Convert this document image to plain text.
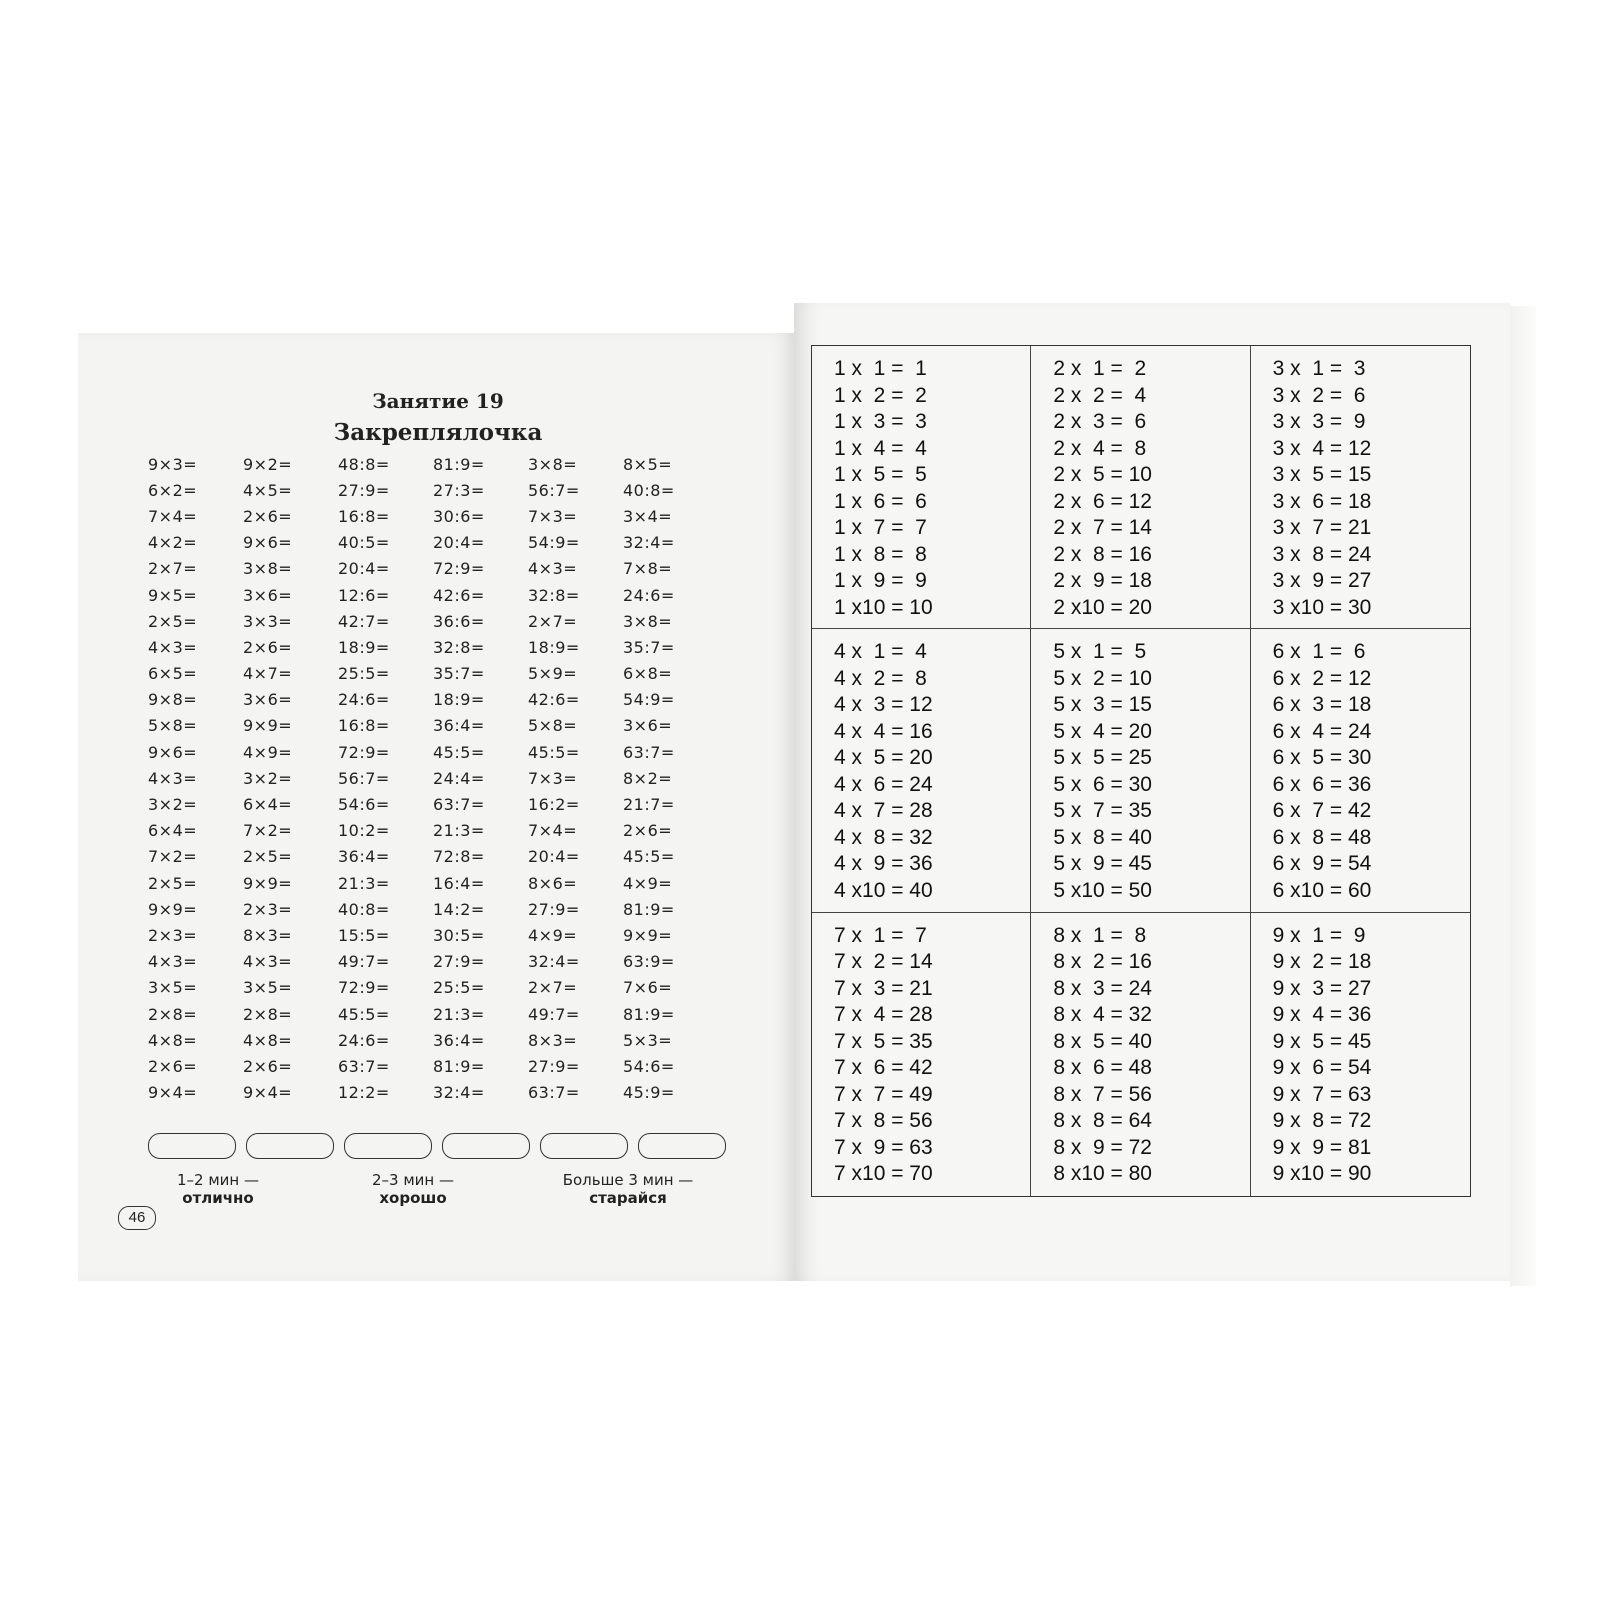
Занятие 19
Закреплялочка
9×3=	9×2=	48:8=	81:9=	3×8=	8×5=
6×2=	4×5=	27:9=	27:3=	56:7=	40:8=
7×4=	2×6=	16:8=	30:6=	7×3=	3×4=
4×2=	9×6=	40:5=	20:4=	54:9=	32:4=
2×7=	3×8=	20:4=	72:9=	4×3=	7×8=
9×5=	3×6=	12:6=	42:6=	32:8=	24:6=
2×5=	3×3=	42:7=	36:6=	2×7=	3×8=
4×3=	2×6=	18:9=	32:8=	18:9=	35:7=
6×5=	4×7=	25:5=	35:7=	5×9=	6×8=
9×8=	3×6=	24:6=	18:9=	42:6=	54:9=
5×8=	9×9=	16:8=	36:4=	5×8=	3×6=
9×6=	4×9=	72:9=	45:5=	45:5=	63:7=
4×3=	3×2=	56:7=	24:4=	7×3=	8×2=
3×2=	6×4=	54:6=	63:7=	16:2=	21:7=
6×4=	7×2=	10:2=	21:3=	7×4=	2×6=
7×2=	2×5=	36:4=	72:8=	20:4=	45:5=
2×5=	9×9=	21:3=	16:4=	8×6=	4×9=
9×9=	2×3=	40:8=	14:2=	27:9=	81:9=
2×3=	8×3=	15:5=	30:5=	4×9=	9×9=
4×3=	4×3=	49:7=	27:9=	32:4=	63:9=
3×5=	3×5=	72:9=	25:5=	2×7=	7×6=
2×8=	2×8=	45:5=	21:3=	49:7=	81:9=
4×8=	4×8=	24:6=	36:4=	8×3=	5×3=
2×6=	2×6=	63:7=	81:9=	27:9=	54:6=
9×4=	9×4=	12:2=	32:4=	63:7=	45:9=
1–2 мин —
отлично
2–3 мин —
хорошо
Больше 3 мин —
старайся
46
1 x  1 =  1
1 x  2 =  2
1 x  3 =  3
1 x  4 =  4
1 x  5 =  5
1 x  6 =  6
1 x  7 =  7
1 x  8 =  8
1 x  9 =  9
1 x10 = 10
2 x  1 =  2
2 x  2 =  4
2 x  3 =  6
2 x  4 =  8
2 x  5 = 10
2 x  6 = 12
2 x  7 = 14
2 x  8 = 16
2 x  9 = 18
2 x10 = 20
3 x  1 =  3
3 x  2 =  6
3 x  3 =  9
3 x  4 = 12
3 x  5 = 15
3 x  6 = 18
3 x  7 = 21
3 x  8 = 24
3 x  9 = 27
3 x10 = 30
4 x  1 =  4
4 x  2 =  8
4 x  3 = 12
4 x  4 = 16
4 x  5 = 20
4 x  6 = 24
4 x  7 = 28
4 x  8 = 32
4 x  9 = 36
4 x10 = 40
5 x  1 =  5
5 x  2 = 10
5 x  3 = 15
5 x  4 = 20
5 x  5 = 25
5 x  6 = 30
5 x  7 = 35
5 x  8 = 40
5 x  9 = 45
5 x10 = 50
6 x  1 =  6
6 x  2 = 12
6 x  3 = 18
6 x  4 = 24
6 x  5 = 30
6 x  6 = 36
6 x  7 = 42
6 x  8 = 48
6 x  9 = 54
6 x10 = 60
7 x  1 =  7
7 x  2 = 14
7 x  3 = 21
7 x  4 = 28
7 x  5 = 35
7 x  6 = 42
7 x  7 = 49
7 x  8 = 56
7 x  9 = 63
7 x10 = 70
8 x  1 =  8
8 x  2 = 16
8 x  3 = 24
8 x  4 = 32
8 x  5 = 40
8 x  6 = 48
8 x  7 = 56
8 x  8 = 64
8 x  9 = 72
8 x10 = 80
9 x  1 =  9
9 x  2 = 18
9 x  3 = 27
9 x  4 = 36
9 x  5 = 45
9 x  6 = 54
9 x  7 = 63
9 x  8 = 72
9 x  9 = 81
9 x10 = 90
